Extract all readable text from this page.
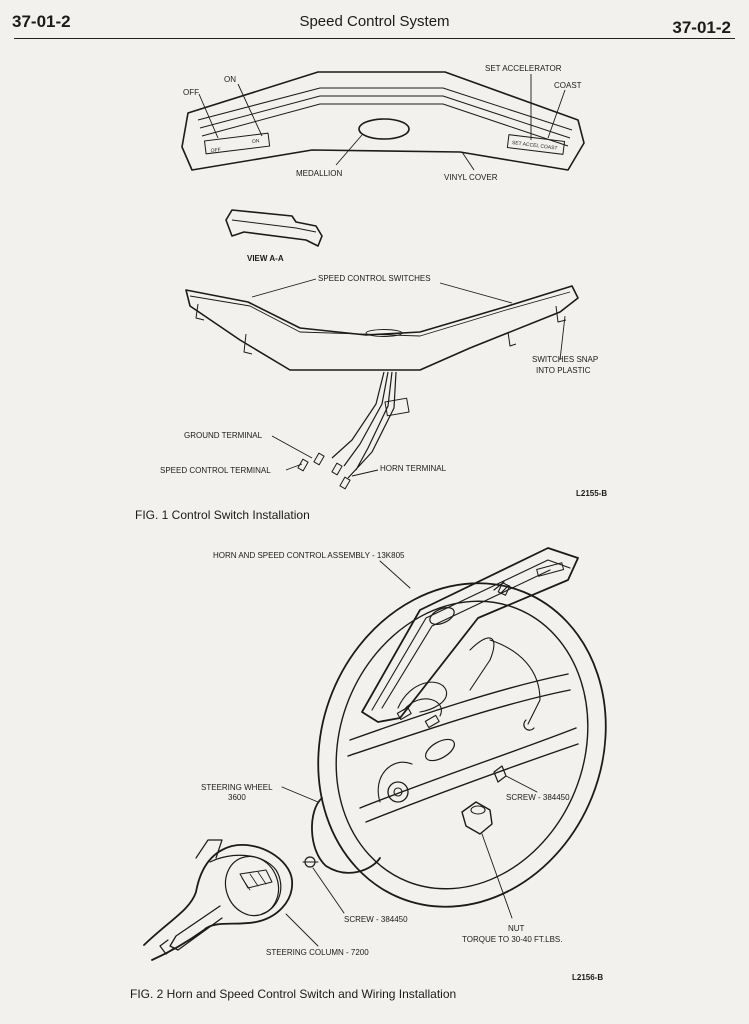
37-01-2	Speed Control System	37-01-2
OFF
ON	SET ACCEL COAST
OFF
ON
SET ACCELERATOR
COAST
MEDALLION	VINYL COVER
VIEW A-A
SPEED CONTROL SWITCHES
SWITCHES SNAP
INTO PLASTIC
GROUND TERMINAL
SPEED CONTROL TERMINAL	HORN TERMINAL
L2155-B
FIG. 1 Control Switch Installation
HORN AND SPEED CONTROL ASSEMBLY - 13K805
STEERING WHEEL
3600	SCREW - 384450
SCREW - 384450
NUT
TORQUE TO 30-40 FT.LBS.
STEERING COLUMN - 7200
L2156-B
FIG. 2 Horn and Speed Control Switch and Wiring Installation
